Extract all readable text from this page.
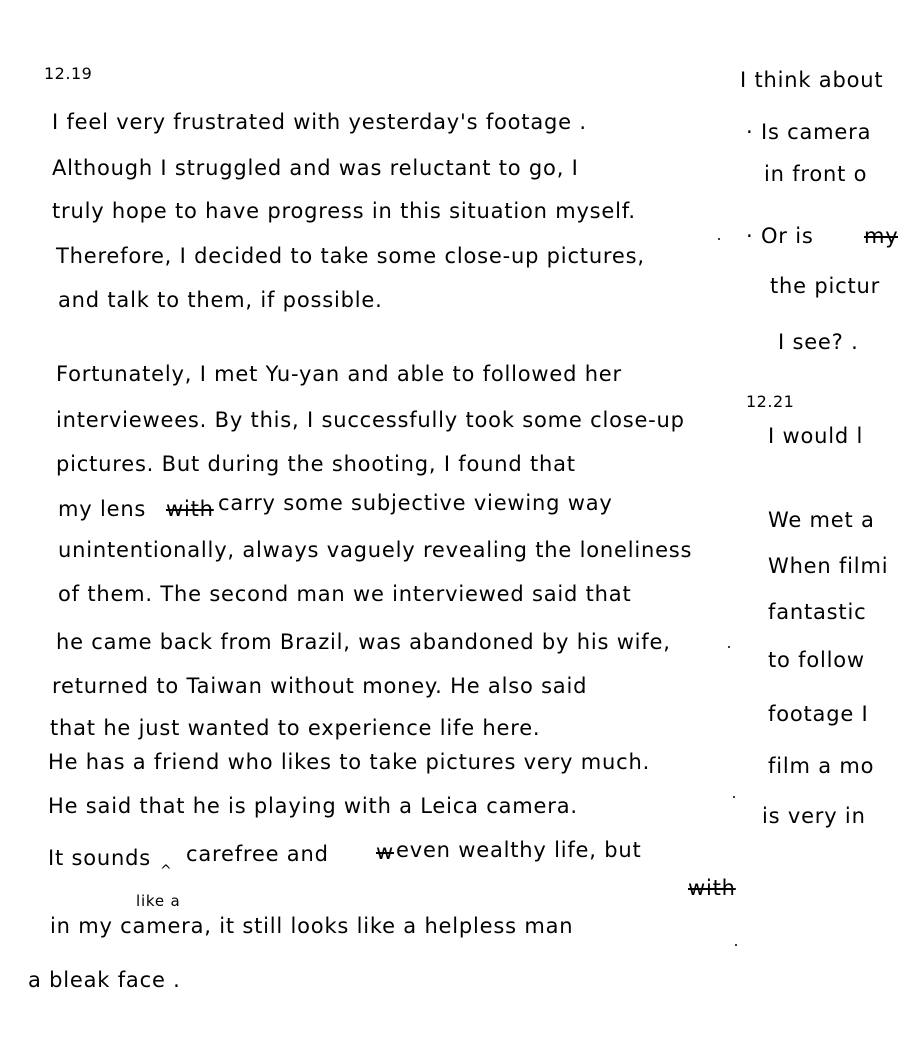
12.19
I feel very frustrated with yesterday's footage .
Although I struggled and was reluctant to go, I
truly hope to have progress in this situation myself.
Therefore, I decided to take some close-up pictures,
and talk to them, if possible.
Fortunately, I met Yu-yan and able to followed her
interviewees. By this, I successfully took some close-up
pictures. But during the shooting, I found that
my lens with carry some subjective viewing way
unintentionally, always vaguely revealing the loneliness
of them. The second man we interviewed said that
he came back from Brazil, was abandoned by his wife,
returned to Taiwan without money. He also said
that he just wanted to experience life here.
He has a friend who likes to take pictures very much.
He said that he is playing with a Leica camera.
It sounds
^
carefree and w even wealthy life, but
like a
in my camera, it still looks like a helpless man
with
a bleak face .
I think about
· Is camera
in front o
· Or is my
the pictur
I see? .
12.21
I would l
We met a
When filmi
fantastic
to follow
footage I
film a mo
is very in
